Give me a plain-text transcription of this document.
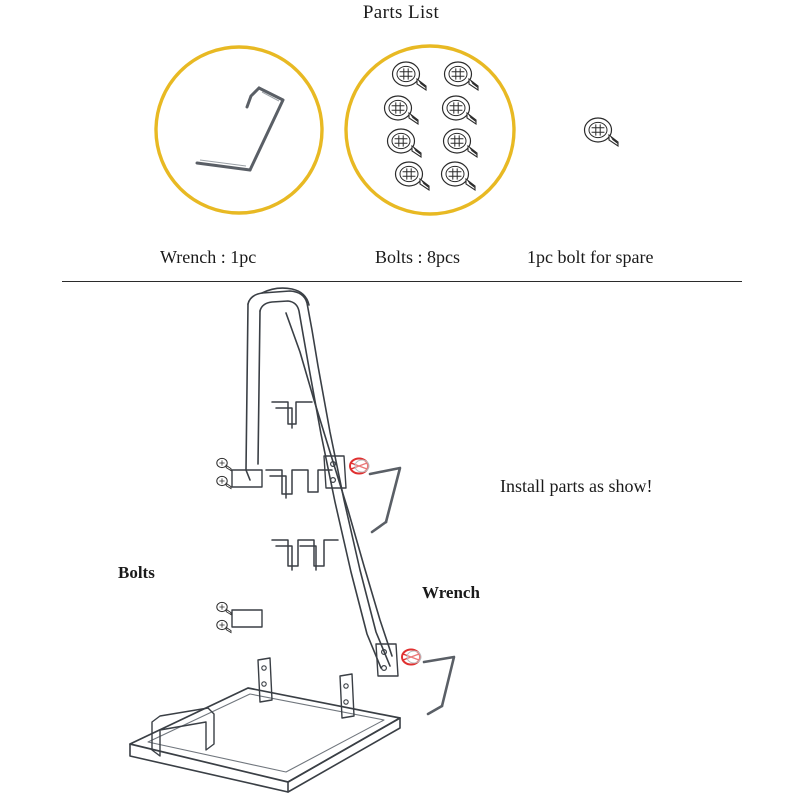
Parts List
Wrench : 1pc	Bolts : 8pcs	1pc bolt for spare
Install parts as show!
Bolts
Wrench
